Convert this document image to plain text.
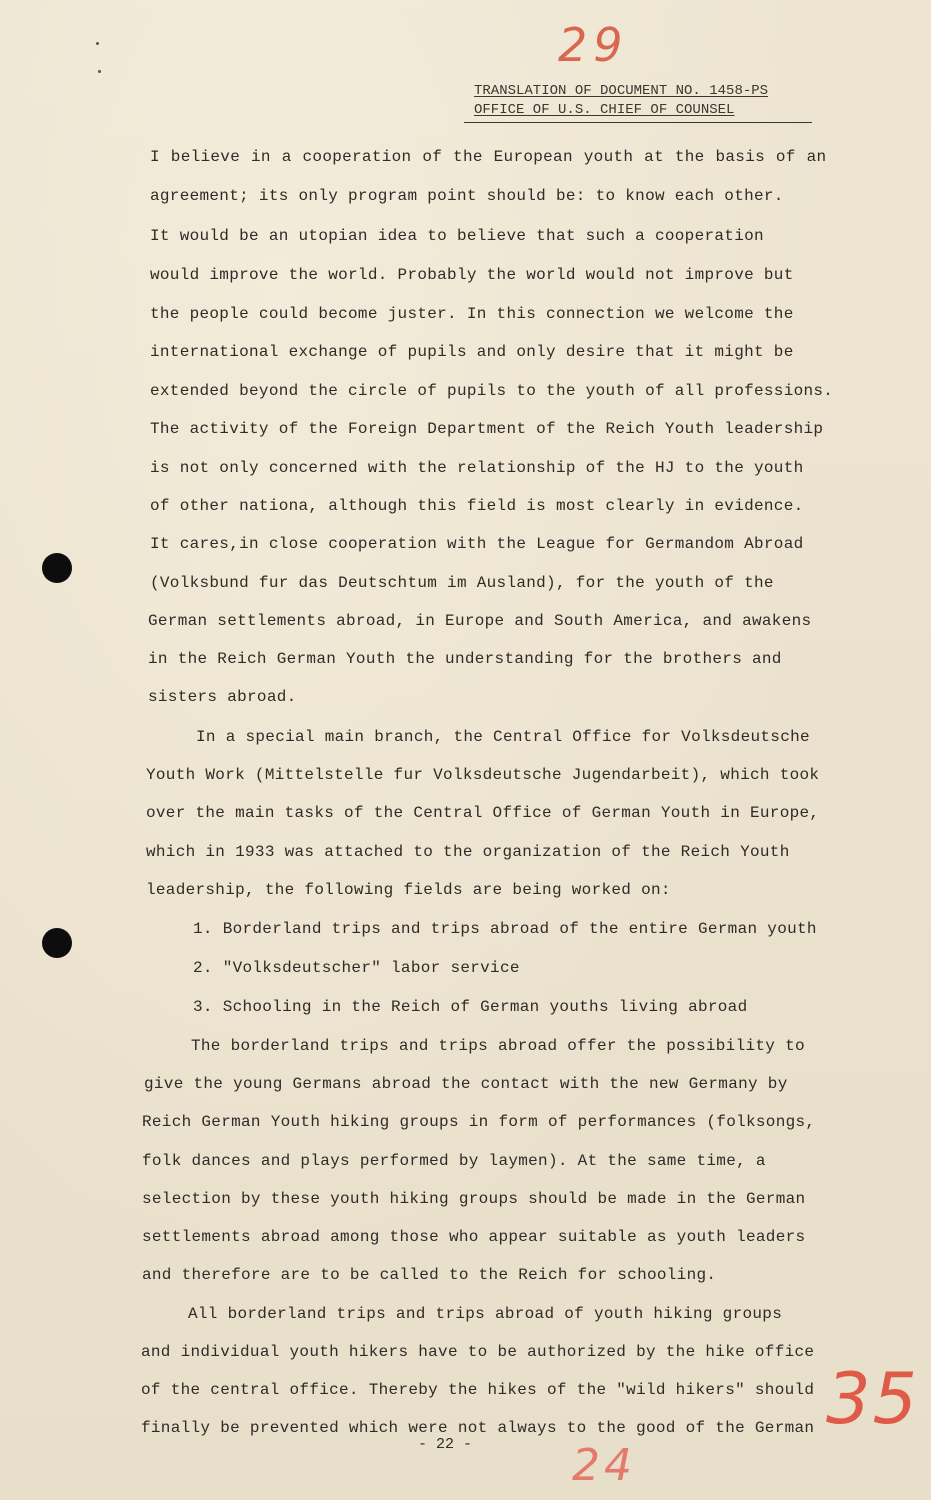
29
TRANSLATION OF DOCUMENT NO. 1458-PS
OFFICE OF U.S. CHIEF OF COUNSEL
I believe in a cooperation of the European youth at the basis of an
agreement; its only program point should be: to know each other.
It would be an utopian idea to believe that such a cooperation
would improve the world. Probably the world would not improve but
the people could become juster. In this connection we welcome the
international exchange of pupils and only desire that it might be
extended beyond the circle of pupils to the youth of all professions.
The activity of the Foreign Department of the Reich Youth leadership
is not only concerned with the relationship of the HJ to the youth
of other nationa, although this field is most clearly in evidence.
It cares,in close cooperation with the League for Germandom Abroad
(Volksbund fur das Deutschtum im Ausland), for the youth of the
German settlements abroad, in Europe and South America, and awakens
in the Reich German Youth the understanding for the brothers and
sisters abroad.
In a special main branch, the Central Office for Volksdeutsche
Youth Work (Mittelstelle fur Volksdeutsche Jugendarbeit), which took
over the main tasks of the Central Office of German Youth in Europe,
which in 1933 was attached to the organization of the Reich Youth
leadership, the following fields are being worked on:
1. Borderland trips and trips abroad of the entire German youth
2. "Volksdeutscher" labor service
3. Schooling in the Reich of German youths living abroad
The borderland trips and trips abroad offer the possibility to
give the young Germans abroad the contact with the new Germany by
Reich German Youth hiking groups in form of performances (folksongs,
folk dances and plays performed by laymen). At the same time, a
selection by these youth hiking groups should be made in the German
settlements abroad among those who appear suitable as youth leaders
and therefore are to be called to the Reich for schooling.
All borderland trips and trips abroad of youth hiking groups
and individual youth hikers have to be authorized by the hike office
of the central office. Thereby the hikes of the "wild hikers" should
finally be prevented which were not always to the good of the German
- 22 -
35
24
